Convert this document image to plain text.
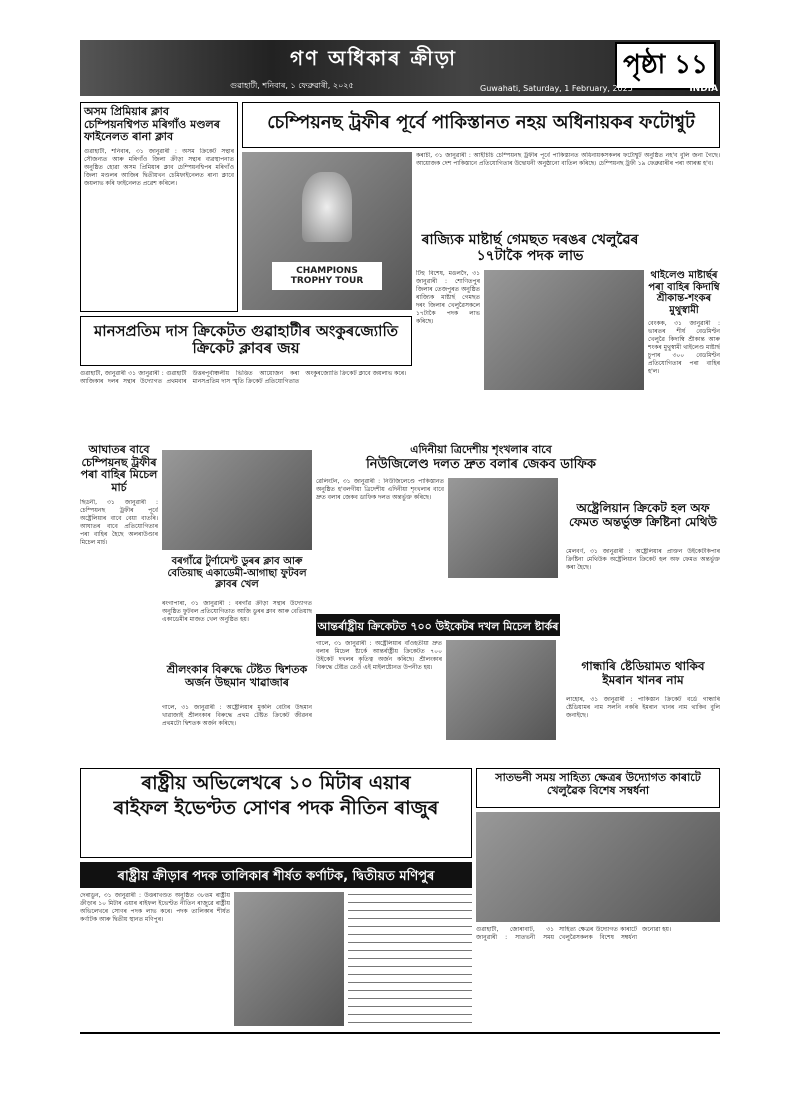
গণ অধিকাৰ ক্ৰীড়া	পৃষ্ঠা ১১
গুৱাহাটী, শনিবাৰ, ১ ফেব্ৰুৱাৰী, ২০২৫	Guwahati, Saturday, 1 February, 2025	INDIA
অসম প্ৰিমিয়াৰ ক্লাব চেম্পিয়নশ্বিপত মৰিগাঁও মণ্ডলৰ ফাইনেলত ৰানা ক্লাব
গুৱাহাটী, শনিবাৰ, ৩১ জানুৱাৰী : অসম ক্ৰিকেট সন্থাৰ সৌজন্যত আৰু মৰিগাঁও জিলা ক্ৰীড়া সন্থাৰ ব্যৱস্থাপনাত অনুষ্ঠিত হোৱা অসম প্ৰিমিয়াৰ ক্লাব চেম্পিয়নশ্বিপৰ মৰিগাঁও জিলা মণ্ডলৰ আজিৰ দ্বিতীয়খন চেমিফাইনেলত ৰানা ক্লাবে জয়লাভ কৰি ফাইনেলত প্ৰৱেশ কৰিলে।
চেম্পিয়নছ ট্ৰফীৰ পূৰ্বে পাকিস্তানত নহয় অধিনায়কৰ ফটোশ্বুট
CHAMPIONS TROPHY TOUR
কৰাচী, ৩১ জানুৱাৰী : আইচিচি চেম্পিয়নছ ট্ৰফীৰ পূৰ্বে পাকিস্তানত অধিনায়কসকলৰ ফটোশ্বুট অনুষ্ঠিত নহ'ব বুলি জনা গৈছে। আয়োজক দেশ পাকিস্তানে প্ৰতিযোগিতাৰ উদ্বোধনী অনুষ্ঠানো বাতিল কৰিছে। চেম্পিয়নছ ট্ৰফী ১৯ ফেব্ৰুৱাৰীৰ পৰা আৰম্ভ হ'ব।
ৰাজ্যিক মাষ্টাৰ্ছ গেমছত দৰঙৰ খেলুৱৈৰ ১৭টাকৈ পদক লাভ
টিহু বিশেষ, মঙলদৈ, ৩১ জানুৱাৰী : শোণিতপুৰ জিলাৰ তেজপুৰত অনুষ্ঠিত ৰাজ্যিক মাষ্টাৰ্ছ গেমছত দৰং জিলাৰ খেলুৱৈসকলে ১৭টাকৈ পদক লাভ কৰিছে।
থাইলেণ্ড মাষ্টাৰ্ছৰ পৰা বাহিৰ কিদাম্বি শ্ৰীকান্ত-শংকৰ মুথুস্বামী
বেংকক, ৩১ জানুৱাৰী : ভাৰতৰ শীৰ্ষ বেডমিণ্টন খেলুৱৈ কিদাম্বি শ্ৰীকান্ত আৰু শংকৰ মুথুস্বামী থাইলেণ্ড মাষ্টাৰ্ছ চুপাৰ ৩০০ বেডমিণ্টন প্ৰতিযোগিতাৰ পৰা বাহিৰ হ'ল।
মানসপ্ৰতিম দাস ক্ৰিকেটত গুৱাহাটীৰ অংকুৰজ্যোতি ক্ৰিকেট ক্লাবৰ জয়
গুৱাহাটী, জানুৱাৰী ৩১ জানুৱাৰী : গুৱাহাটী আজিকাৰ দলৰ সন্থাৰ উদ্যোগত প্ৰথমবাৰ উত্তৰপূৰ্বাঞ্চলীয় ভিত্তিত আয়োজন কৰা মানসপ্ৰতিম দাস স্মৃতি ক্ৰিকেট প্ৰতিযোগিতাত অংকুৰজ্যোতি ক্ৰিকেট ক্লাবে জয়লাভ কৰে।
আঘাতৰ বাবে চেম্পিয়নছ ট্ৰফীৰ পৰা বাহিৰ মিচেল মাৰ্চ
ছিডনী, ৩১ জানুৱাৰী : চেম্পিয়নছ ট্ৰফীৰ পূৰ্বে অষ্ট্ৰেলিয়াৰ বাবে বেয়া বাতৰি। আঘাতৰ বাবে প্ৰতিযোগিতাৰ পৰা বাহিৰ হৈছে অলৰাউণ্ডাৰ মিচেল মাৰ্চ।
বৰগাঁৱে টুৰ্ণামেণ্ট ডুৰৰ ক্লাব আৰু বেতিয়াছ একাডেমী-আগাছা ফুটবল ক্লাবৰ খেল
ৰংগাপাৰা, ৩১ জানুৱাৰী : বৰগাঁৱ ক্ৰীড়া সন্থাৰ উদ্যোগত অনুষ্ঠিত ফুটবল প্ৰতিযোগিতাত আজি ডুৰৰ ক্লাব আৰু বেতিয়াছ একাডেমীৰ মাজত খেল অনুষ্ঠিত হয়।
এদিনীয়া ত্ৰিদেশীয় শৃংখলাৰ বাবে
নিউজিলেণ্ড দলত দ্ৰুত বলাৰ জেকব ডাফিক
ৱেলিংটন, ৩১ জানুৱাৰী : নিউজিলেণ্ডে পাকিস্তানত অনুষ্ঠিত হ'বলগীয়া ত্ৰিদেশীয় এদিনীয়া শৃংখলাৰ বাবে দ্ৰুত বলাৰ জেকব ডাফিক দলত অন্তৰ্ভুক্ত কৰিছে।
অষ্ট্ৰেলিয়ান ক্ৰিকেট হল অফ ফেমত অন্তৰ্ভুক্ত ক্ৰিষ্টিনা মেথিউ
মেলবৰ্ণ, ৩১ জানুৱাৰী : অষ্ট্ৰেলিয়াৰ প্ৰাক্তন উইকেটকিপাৰ ক্ৰিষ্টিনা মেথিউক অষ্ট্ৰেলিয়ান ক্ৰিকেট হল অফ ফেমত অন্তৰ্ভুক্ত কৰা হৈছে।
আন্তৰ্ৰাষ্ট্ৰীয় ক্ৰিকেটত ৭০০ উইকেটৰ দখল মিচেল ষ্টাৰ্কৰ
গালে, ৩১ জানুৱাৰী : অষ্ট্ৰেলিয়াৰ বাঁওহতীয়া দ্ৰুত বলাৰ মিচেল ষ্টাৰ্কে আন্তৰ্ৰাষ্ট্ৰীয় ক্ৰিকেটত ৭০০ উইকেট দখলৰ কৃতিত্ব অৰ্জন কৰিছে। শ্ৰীলংকাৰ বিৰুদ্ধে টেষ্টত তেওঁ এই মাইলষ্টোনত উপনীত হয়।
শ্ৰীলংকাৰ বিৰুদ্ধে টেষ্টত দ্বিশতক অৰ্জন উছমান খাৱাজাৰ
গালে, ৩১ জানুৱাৰী : অষ্ট্ৰেলিয়াৰ মুকলি বেটাৰ উছমান খাৱাজাই শ্ৰীলংকাৰ বিৰুদ্ধে প্ৰথম টেষ্টত ক্ৰিকেট জীৱনৰ প্ৰথমটো দ্বিশতক অৰ্জন কৰিছে।
গান্ধাৰি ষ্টেডিয়ামত থাকিব ইমৰান খানৰ নাম
লাহোৰ, ৩১ জানুৱাৰী : পাকিস্তান ক্ৰিকেট বৰ্ডে গান্ধাৰি ষ্টেডিয়ামৰ নাম সলনি নকৰি ইমৰান খানৰ নাম থাকিব বুলি জনাইছে।
সাতভনী সময় সাহিত্য ক্ষেত্ৰৰ উদ্যোগত কাৰাটে খেলুৱৈক বিশেষ সম্বৰ্ধনা
গুৱাহাটী, জোৰাবাট, ৩১ জানুৱাৰী : সাতভনী সময় সাহিত্য ক্ষেত্ৰৰ উদ্যোগত কাৰাটে খেলুৱৈসকলক বিশেষ সম্বৰ্ধনা জনোৱা হয়।
ৰাষ্ট্ৰীয় অভিলেখৰে ১০ মিটাৰ এয়াৰ
ৰাইফল ইভেণ্টত সোণৰ পদক নীতিন ৰাজুৰ
ৰাষ্ট্ৰীয় ক্ৰীড়াৰ পদক তালিকাৰ শীৰ্ষত কৰ্ণাটক, দ্বিতীয়ত মণিপুৰ
দেৰাডুন, ৩১ জানুৱাৰী : উত্তৰাখণ্ডত অনুষ্ঠিত ৩৮তম ৰাষ্ট্ৰীয় ক্ৰীড়াৰ ১০ মিটাৰ এয়াৰ ৰাইফল ইভেণ্টত নীতিন ৰাজুৱে ৰাষ্ট্ৰীয় অভিলেখৰে সোণৰ পদক লাভ কৰে। পদক তালিকাৰ শীৰ্ষত কৰ্ণাটক আৰু দ্বিতীয় স্থানত মণিপুৰ।
